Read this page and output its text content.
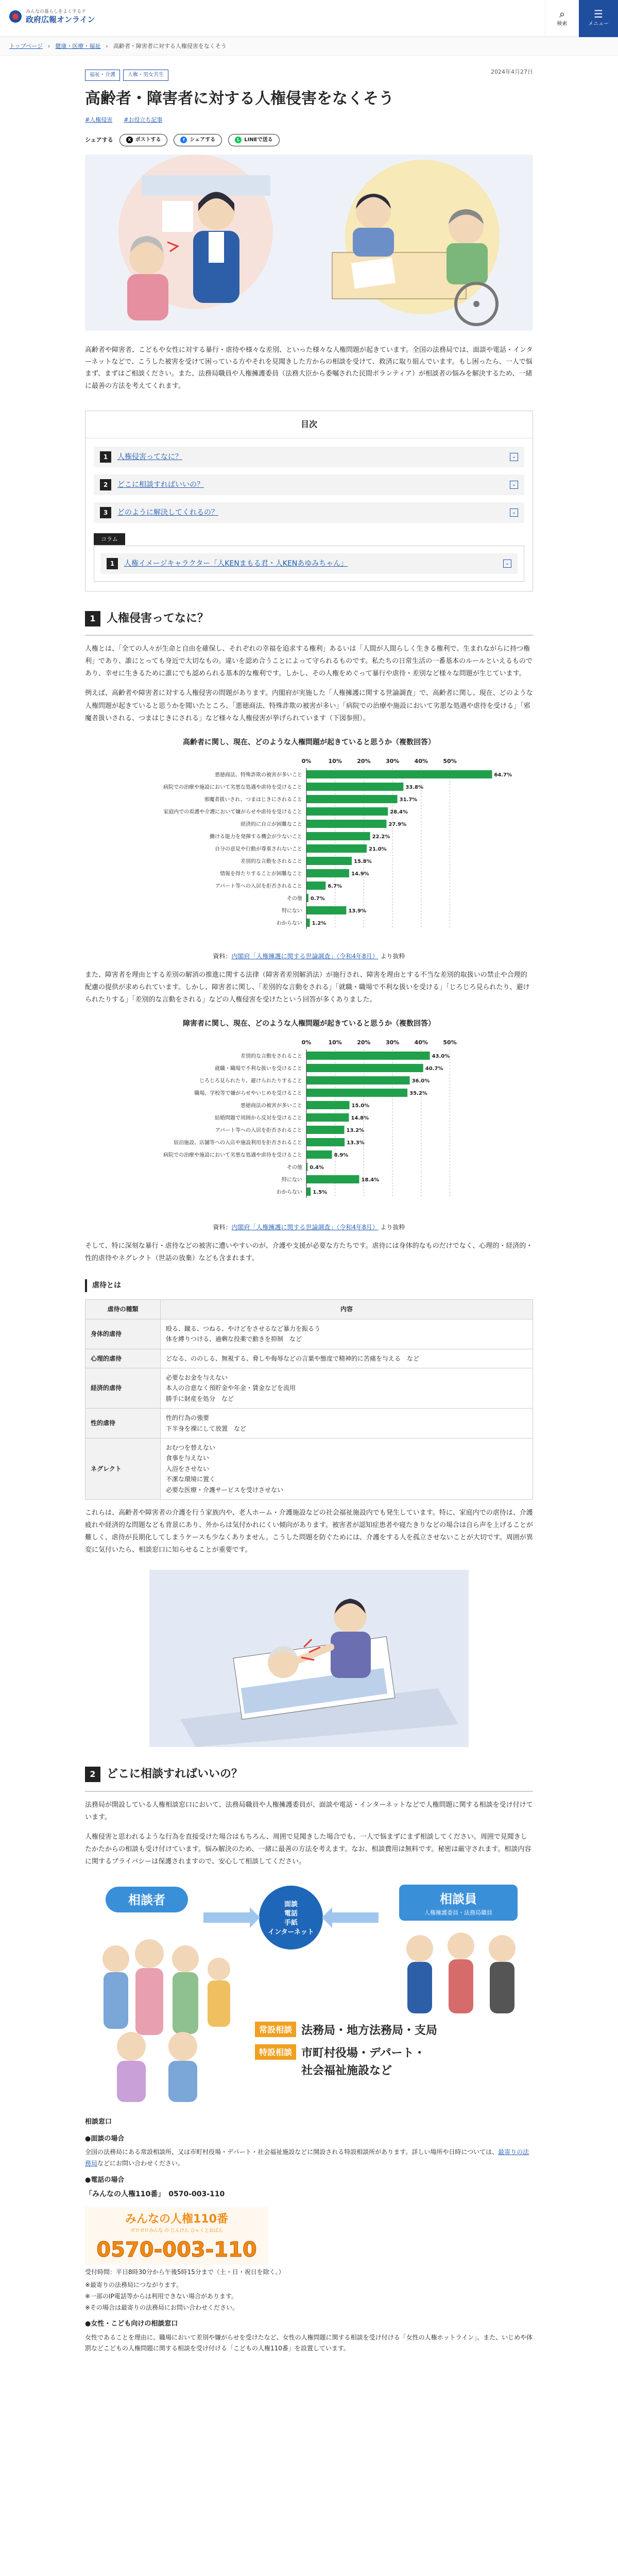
みんなの暮らしをよくするテ
政府広報オンライン	⌕
検索
☰
メニュー
トップページ › 健康・医療・福祉 › 高齢者・障害者に対する人権侵害をなくそう
2024年4月27日
福祉・介護	人権・男女共生
高齢者・障害者に対する人権侵害をなくそう
#人権侵害 #お役立ち記事
シェアする	X ポストする	f シェアする	L LINEで送る

高齢者や障害者、こどもや女性に対する暴行・虐待や様々な差別、といった様々な人権問題が起きています。全国の法務局では、面談や電話・インターネットなどで、こうした被害を受けて困っている方やそれを見聞きした方からの相談を受けて、救済に取り組んでいます。もし困ったら、一人で悩まず、まずはご相談ください。また、法務局職員や人権擁護委員（法務大臣から委嘱された民間ボランティア）が相談者の悩みを解決するため、一緒に最善の方法を考えてくれます。

目次
1	人権侵害ってなに？	⌄
2	どこに相談すればいいの？	⌄
3	どのように解決してくれるの？	⌄
コラム
1	人権イメージキャラクター「人KENまもる君・人KENあゆみちゃん」	⌄
1 人権侵害ってなに？

人権とは、「全ての人々が生命と自由を確保し、それぞれの幸福を追求する権利」あるいは「人間が人間らしく生きる権利で、生まれながらに持つ権利」であり、誰にとっても身近で大切なもの。違いを認め合うことによって守られるものです。私たちの日常生活の一番基本のルールといえるものであり、幸せに生きるために誰にでも認められる基本的な権利です。しかし、その人権をめぐって暴行や虐待・差別など様々な問題が生じています。

例えば、高齢者や障害者に対する人権侵害の問題があります。内閣府が実施した「人権擁護に関する世論調査」で、高齢者に関し、現在、どのような人権問題が起きていると思うかを聞いたところ、「悪徳商法、特殊詐欺の被害が多い」「病院での治療や施設において劣悪な処遇や虐待を受ける」「邪魔者扱いされる、つまはじきにされる」など様々な人権侵害が挙げられています（下図参照）。

高齢者に関し、現在、どのような人権問題が起きていると思うか（複数回答）
0%	10%	20%	30%	40%	50%
悪徳商法、特殊詐欺の被害が多いこと	64.7%
病院での治療や施設において劣悪な処遇や虐待を受けること	33.8%
邪魔者扱いされ、つまはじきにされること	31.7%
家庭内での看護や介護において嫌がらせや虐待を受けること	28.4%
経済的に自立が困難なこと	27.9%
働ける能力を発揮する機会が少ないこと	22.2%
自分の意見や行動が尊重されないこと	21.0%
差別的な言動をされること	15.8%
情報を得たりすることが困難なこと	14.9%
アパート等への入居を拒否されること	6.7%
その他 0.7%
特にない	13.9%
わからない 1.2%
資料：内閣府「人権擁護に関する世論調査」（令和4年8月） より抜粋

また、障害者を理由とする差別の解消の推進に関する法律（障害者差別解消法）が施行され、障害を理由とする不当な差別的取扱いの禁止や合理的配慮の提供が求められています。しかし、障害者に関し、「差別的な言動をされる」「就職・職場で不利な扱いを受ける」「じろじろ見られたり、避けられたりする」「差別的な言動をされる」などの人権侵害を受けたという回答が多くありました。

障害者に関し、現在、どのような人権問題が起きていると思うか（複数回答）
0%	10%	20%	30%	40%	50%
差別的な言動をされること	43.0%
就職・職場で不利な扱いを受けること	40.7%
じろじろ見られたり、避けられたりすること	36.0%
職場、学校等で嫌がらせやいじめを受けること	35.2%
悪徳商法の被害が多いこと	15.0%
結婚問題で周囲から反対を受けること	14.8%
アパート等への入居を拒否されること	13.2%
宿泊施設、店舗等への入店や施設利用を拒否されること	13.3%
病院での治療や施設において劣悪な処遇や虐待を受けること	8.9%
その他 0.4%
特にない	18.4%
わからない 1.5%
資料：内閣府「人権擁護に関する世論調査」（令和4年8月） より抜粋

そして、特に深刻な暴行・虐待などの被害に遭いやすいのが、介護や支援が必要な方たちです。虐待には身体的なものだけでなく、心理的・経済的・性的虐待やネグレクト（世話の放棄）なども含まれます。

虐待とは
虐待の種類	内容
身体的虐待	殴る、蹴る、つねる、やけどをさせるなど暴力を振るう
体を縛りつける、過剰な投薬で動きを抑制　など
心理的虐待	どなる、ののしる、無視する、脅しや侮辱などの言葉や態度で精神的に苦痛を与える　など
経済的虐待	必要なお金を与えない
本人の合意なく預貯金や年金・賃金などを流用
勝手に財産を処分　など
性的虐待	性的行為の強要
下半身を裸にして放置　など
ネグレクト	おむつを替えない
食事を与えない
入浴をさせない
不潔な環境に置く
必要な医療・介護サービスを受けさせない

これらは、高齢者や障害者の介護を行う家族内や、老人ホーム・介護施設などの社会福祉施設内でも発生しています。特に、家庭内での虐待は、介護疲れや経済的な問題なども背景にあり、外からは気付かれにくい傾向があります。被害者が認知症患者や寝たきりなどの場合は自ら声を上げることが難しく、虐待が長期化してしまうケースも少なくありません。こうした問題を防ぐためには、介護をする人を孤立させないことが大切です。周囲が異変に気付いたら、相談窓口に知らせることが重要です。

2 どこに相談すればいいの？

法務局が開設している人権相談窓口において、法務局職員や人権擁護委員が、面談や電話・インターネットなどで人権問題に関する相談を受け付けています。

人権侵害と思われるような行為を直接受けた場合はもちろん、周囲で見聞きした場合でも、一人で悩まずにまず相談してください。周囲で見聞きしたかたからの相談も受け付けています。悩み解決のため、一緒に最善の方法を考えます。なお、相談費用は無料です。秘密は厳守されます。相談内容に関するプライバシーは保護されますので、安心して相談してください。

相談者	面談
電話
手紙
インターネット
相談員
人権擁護委員・法務局職員
常設相談 法務局・地方法務局・支局
特設相談 市町村役場・デパート・
社会福祉施設など
相談窓口
●面談の場合

全国の法務局にある常設相談所、又は市町村役場・デパート・社会福祉施設などに開設される特設相談所があります。詳しい場所や日時については、最寄りの法務局などにお問い合わせください。

●電話の場合
「みんなの人権110番」　 0570-003-110
みんなの人権110番
ゼロゼロみんな の じんけん ひゃくとおばん
0570-003-110

受付時間：平日8時30分から午後5時15分まで（土・日・祝日を除く。）

※最寄りの法務局につながります。
※一部のIP電話等からは利用できない場合があります。
※その場合は最寄りの法務局にお問い合わせください。

●女性・こども向けの相談窓口

女性であることを理由に、職場において差別や嫌がらせを受けたなど、女性の人権問題に関する相談を受け付ける「女性の人権ホットライン」、また、いじめや体罰などこどもの人権問題に関する相談を受け付ける「こどもの人権110番」を設置しています。
